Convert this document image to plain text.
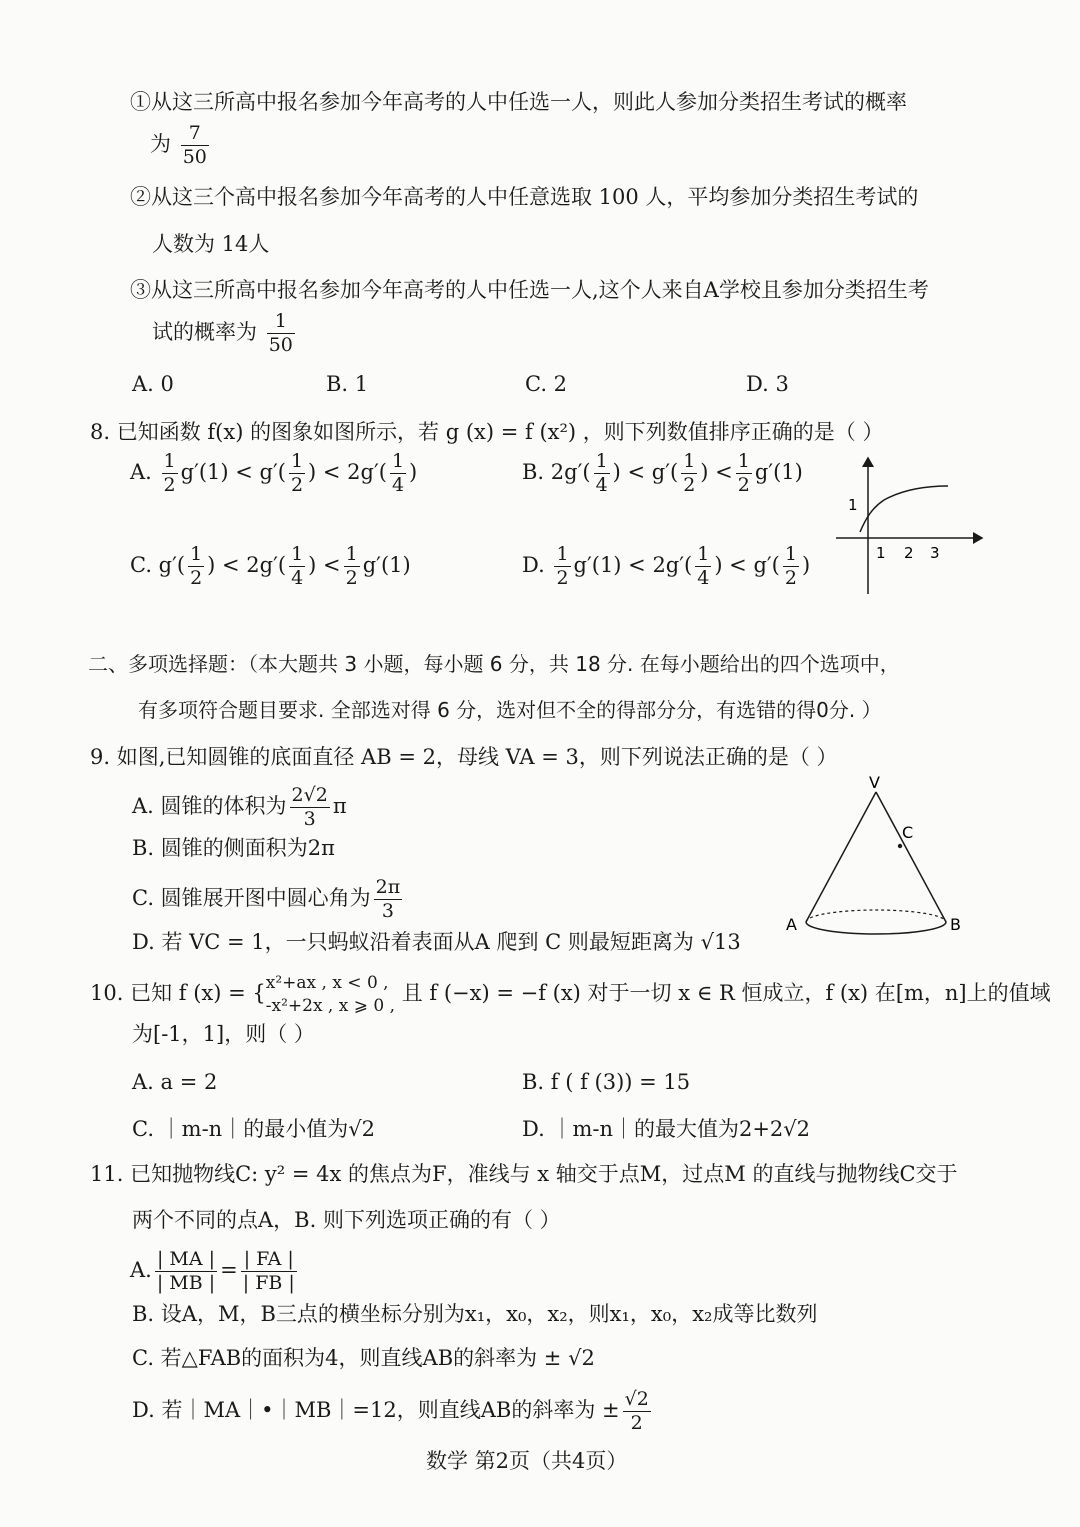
①从这三所高中报名参加今年高考的人中任选一人，则此人参加分类招生考试的概率
为 $\frac{7}{50}$
②从这三个高中报名参加今年高考的人中任意选取 100 人，平均参加分类招生考试的
人数为 14人
③从这三所高中报名参加今年高考的人中任选一人,这个人来自A学校且参加分类招生考
试的概率为 $\frac{1}{50}$
A. 0	B. 1	C. 2	D. 3
8. 已知函数 f(x) 的图象如图所示，若 g (x) = f (x²) ，则下列数值排序正确的是（ ）
A. $\frac{1}{2} g'(1) < g'( \frac{1}{2}$ ) < $2g'( \frac{1}{4}$ )	B. $2g'( \frac{1}{4}$ ) < $g'( \frac{1}{2}$ ) < $\frac{1}{2} g'(1)$
C. $g'( \frac{1}{2}$ ) < $2g'( \frac{1}{4}$ ) < $\frac{1}{2} g'(1)$	D. $\frac{1}{2} g'(1) < 2g'( \frac{1}{4}$ ) < $g'( \frac{1}{2}$ )
1
1 2 3
二、多项选择题：（本大题共 3 小题，每小题 6 分，共 18 分. 在每小题给出的四个选项中，
有多项符合题目要求. 全部选对得 6 分，选对但不全的得部分分，有选错的得0分. ）
9. 如图,已知圆锥的底面直径 AB = 2，母线 VA = 3，则下列说法正确的是（ ）
A. 圆锥的体积为 $\frac{2√2}{3}$ π
B. 圆锥的侧面积为2π
C. 圆锥展开图中圆心角为 $\frac{2\pi}{3}$
D. 若 VC = 1，一只蚂蚁沿着表面从A 爬到 C 则最短距离为 √13
V
A	B
C
10. 已知 f (x) = { x²+ax , x < 0 ,
-x²+2x , x ⩾ 0 ,
且 f (−x) = −f (x) 对于一切 x ∈ R 恒成立，f (x) 在[m，n]上的值域
为[-1，1]，则（ ）
A. a = 2	B. f ( f (3)) = 15
C. ｜m-n｜的最小值为√2	D. ｜m-n｜的最大值为2+2√2
11. 已知抛物线C: y² = 4x 的焦点为F，准线与 x 轴交于点M，过点M 的直线与抛物线C交于
两个不同的点A，B. 则下列选项正确的有（ ）
A. $\frac{| MA |}{| MB |} = \frac{| FA |}{| FB |}$
B. 设A，M，B三点的横坐标分别为x₁，x₀，x₂，则x₁，x₀，x₂成等比数列
C. 若△FAB的面积为4，则直线AB的斜率为 ± √2
D. 若｜MA｜•｜MB｜=12，则直线AB的斜率为 ± $\frac{√2}{2}$
数学 第2页（共4页）
